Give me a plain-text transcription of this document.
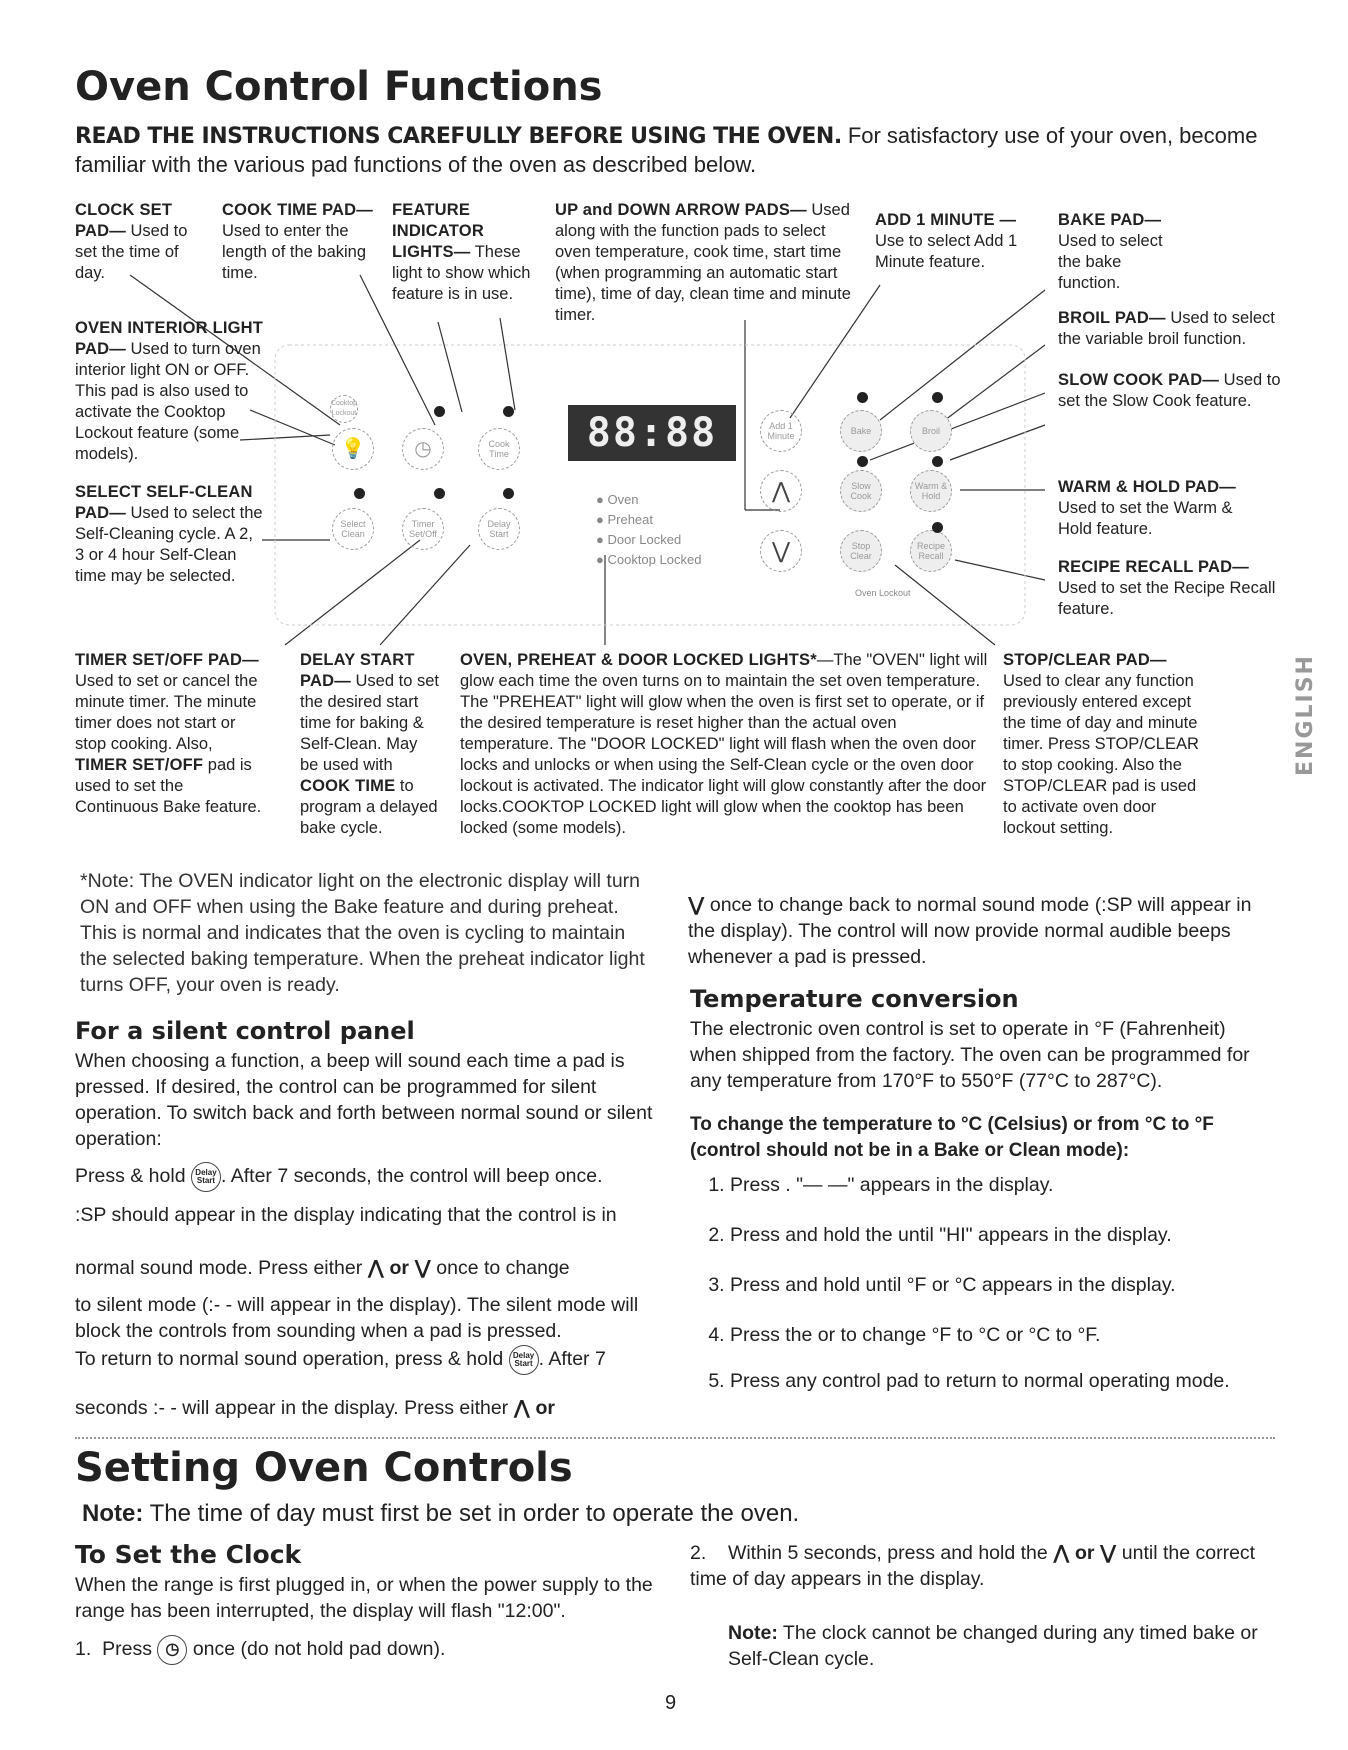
Oven Control Functions
READ THE INSTRUCTIONS CAREFULLY BEFORE USING THE OVEN. For satisfactory use of your oven, become familiar with the various pad functions of the oven as described below.
Cooktop Lockout
💡 ◷	Cook Time
Select Clean
Timer Set/Off
Delay Start
88:88
● Oven
● Preheat
● Door Locked
● Cooktop Locked
Add 1 Minute	Bake	Broil
⋀	Slow Cook
Warm & Hold
⋁	Stop Clear
Recipe Recall
Oven Lockout
CLOCK SET PAD— Used to set the time of day.
COOK TIME PAD— Used to enter the length of the baking time.
FEATURE INDICATOR LIGHTS— These light to show which feature is in use.
UP and DOWN ARROW PADS— Used along with the function pads to select oven temperature, cook time, start time (when programming an automatic start time), time of day, clean time and minute timer.
ADD 1 MINUTE — Use to select Add 1 Minute feature.
BAKE PAD— Used to select the bake function.
BROIL PAD— Used to select the variable broil function.
SLOW COOK PAD— Used to set the Slow Cook feature.
WARM & HOLD PAD— Used to set the Warm & Hold feature.
RECIPE RECALL PAD— Used to set the Recipe Recall feature.
OVEN INTERIOR LIGHT PAD— Used to turn oven interior light ON or OFF. This pad is also used to activate the Cooktop Lockout feature (some models).
SELECT SELF-CLEAN PAD— Used to select the Self-Cleaning cycle. A 2, 3 or 4 hour Self-Clean time may be selected.
TIMER SET/OFF PAD— Used to set or cancel the minute timer. The minute timer does not start or stop cooking. Also, TIMER SET/OFF pad is used to set the Continuous Bake feature.
DELAY START PAD— Used to set the desired start time for baking & Self-Clean. May be used with COOK TIME to program a delayed bake cycle.
OVEN, PREHEAT & DOOR LOCKED LIGHTS*—The "OVEN" light will glow each time the oven turns on to maintain the set oven temperature. The "PREHEAT" light will glow when the oven is first set to operate, or if the desired temperature is reset higher than the actual oven temperature. The "DOOR LOCKED" light will flash when the oven door locks and unlocks or when using the Self-Clean cycle or the oven door lockout is activated. The indicator light will glow constantly after the door locks.COOKTOP LOCKED light will glow when the cooktop has been locked (some models).
STOP/CLEAR PAD— Used to clear any function previously entered except the time of day and minute timer. Press STOP/CLEAR to stop cooking. Also the STOP/CLEAR pad is used to activate oven door lockout setting.
ENGLISH
*Note: The OVEN indicator light on the electronic display will turn ON and OFF when using the Bake feature and during preheat. This is normal and indicates that the oven is cycling to maintain the selected baking temperature. When the preheat indicator light turns OFF, your oven is ready.
For a silent control panel
When choosing a function, a beep will sound each time a pad is pressed. If desired, the control can be programmed for silent operation. To switch back and forth between normal sound or silent operation:
Press & hold Delay Start . After 7 seconds, the control will beep once.
:SP should appear in the display indicating that the control is in
normal sound mode. Press either ⋀ or ⋁ once to change
to silent mode (:- - will appear in the display). The silent mode will block the controls from sounding when a pad is pressed.
To return to normal sound operation, press & hold Delay Start . After 7
seconds :- - will appear in the display. Press either ⋀ or
⋁ once to change back to normal sound mode (:SP will appear in the display). The control will now provide normal audible beeps whenever a pad is pressed.
Temperature conversion
The electronic oven control is set to operate in °F (Fahrenheit) when shipped from the factory. The oven can be programmed for any temperature from 170°F to 550°F (77°C to 287°C).
To change the temperature to °C (Celsius) or from °C to °F (control should not be in a Bake or Clean mode):
1. Press . "— —" appears in the display.
2. Press and hold the until "HI" appears in the display.
3. Press and hold until °F or °C appears in the display.
4. Press the or to change °F to °C or °C to °F.
5. Press any control pad to return to normal operating mode.
Setting Oven Controls
Note: The time of day must first be set in order to operate the oven.
To Set the Clock
When the range is first plugged in, or when the power supply to the range has been interrupted, the display will flash "12:00".
1.  Press ◷ once (do not hold pad down).
2.    Within 5 seconds, press and hold the ⋀ or ⋁ until the correct time of day appears in the display.
Note: The clock cannot be changed during any timed bake or Self-Clean cycle.
9
